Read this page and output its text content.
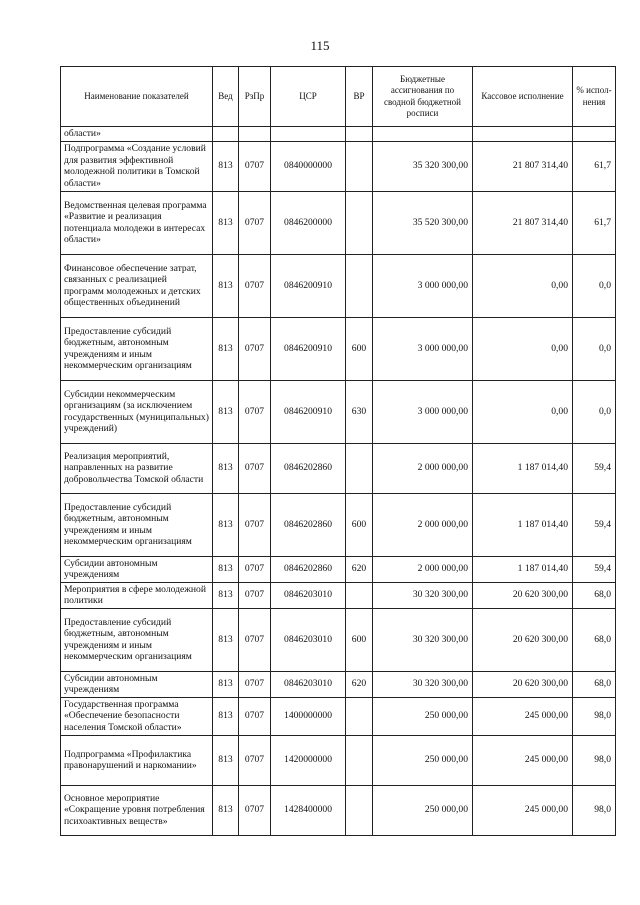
115
Наименование показателей	Вед	РзПр	ЦСР	ВР	Бюджетные ассигнования по сводной бюджетной росписи	Кассовое исполнение	% испол-нения
области»							
Подпрограмма «Создание условий для развития эффективной молодежной политики в Томской области»	813	0707	0840000000		35 320 300,00	21 807 314,40	61,7
Ведомственная целевая программа «Развитие и реализация потенциала молодежи в интересах области»	813	0707	0846200000		35 520 300,00	21 807 314,40	61,7
Финансовое обеспечение затрат, связанных с реализацией программ молодежных и детских общественных объединений	813	0707	0846200910		3 000 000,00	0,00	0,0
Предоставление субсидий бюджетным, автономным учреждениям и иным некоммерческим организациям	813	0707	0846200910	600	3 000 000,00	0,00	0,0
Субсидии некоммерческим организациям (за исключением государственных (муниципальных) учреждений)	813	0707	0846200910	630	3 000 000,00	0,00	0,0
Реализация мероприятий, направленных на развитие добровольчества Томской области	813	0707	0846202860		2 000 000,00	1 187 014,40	59,4
Предоставление субсидий бюджетным, автономным учреждениям и иным некоммерческим организациям	813	0707	0846202860	600	2 000 000,00	1 187 014,40	59,4
Субсидии автономным учреждениям	813	0707	0846202860	620	2 000 000,00	1 187 014,40	59,4
Мероприятия в сфере молодежной политики	813	0707	0846203010		30 320 300,00	20 620 300,00	68,0
Предоставление субсидий бюджетным, автономным учреждениям и иным некоммерческим организациям	813	0707	0846203010	600	30 320 300,00	20 620 300,00	68,0
Субсидии автономным учреждениям	813	0707	0846203010	620	30 320 300,00	20 620 300,00	68,0
Государственная программа «Обеспечение безопасности населения Томской области»	813	0707	1400000000		250 000,00	245 000,00	98,0
Подпрограмма «Профилактика правонарушений и наркомании»	813	0707	1420000000		250 000,00	245 000,00	98,0
Основное мероприятие «Сокращение уровня потребления психоактивных веществ»	813	0707	1428400000		250 000,00	245 000,00	98,0
